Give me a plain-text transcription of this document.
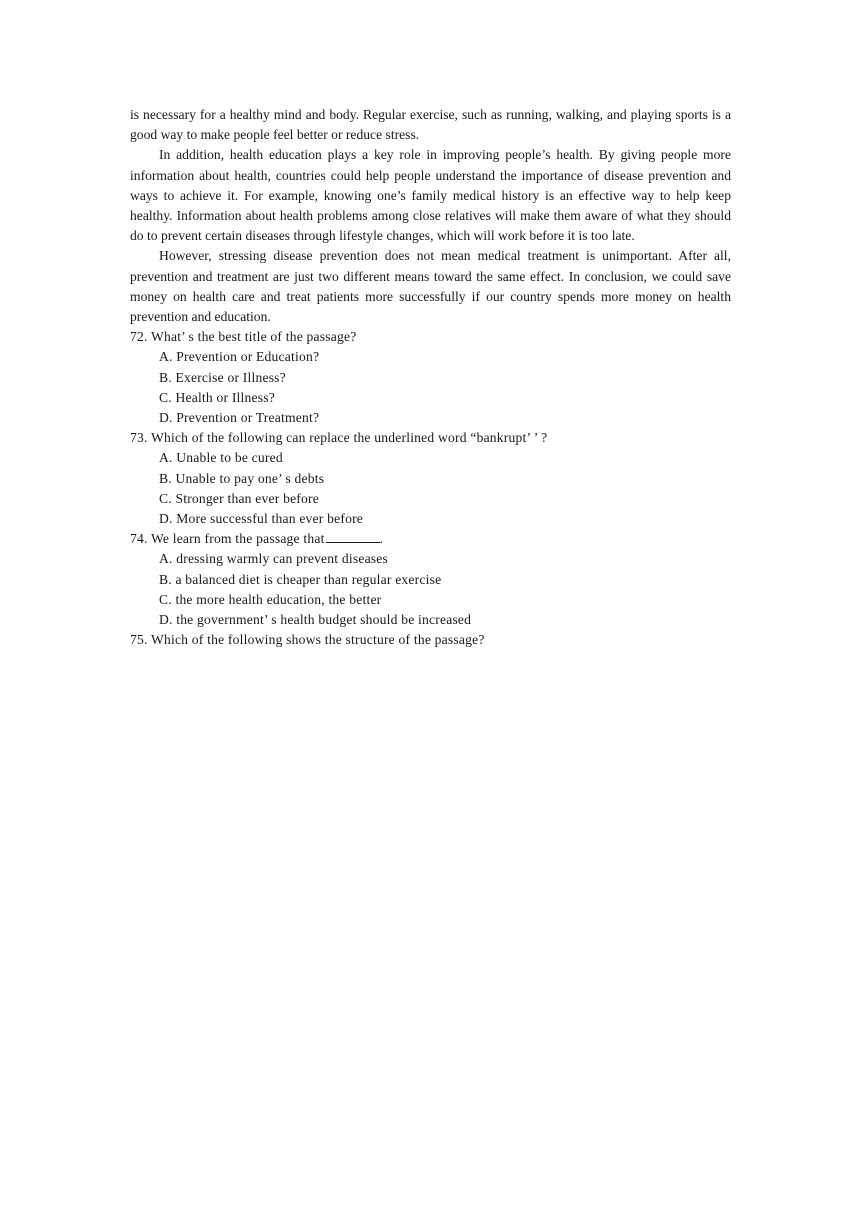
is necessary for a healthy mind and body. Regular exercise, such as running, walking, and playing sports is a good way to make people feel better or reduce stress.

In addition, health education plays a key role in improving people’s health. By giving people more information about health, countries could help people understand the importance of disease prevention and ways to achieve it. For example, knowing one’s family medical history is an effective way to help keep healthy. Information about health problems among close relatives will make them aware of what they should do to prevent certain diseases through lifestyle changes, which will work before it is too late.

However, stressing disease prevention does not mean medical treatment is unimportant. After all, prevention and treatment are just two different means toward the same effect. In conclusion, we could save money on health care and treat patients more successfully if our country spends more money on health prevention and education.

72. What’ s the best title of the passage?

A. Prevention or Education?
B. Exercise or Illness?
C. Health or Illness?
D. Prevention or Treatment?

73. Which of the following can replace the underlined word “bankrupt’ ’ ?

A. Unable to be cured
B. Unable to pay one’ s debts
C. Stronger than ever before
D. More successful than ever before

74. We learn from the passage that	.

A. dressing warmly can prevent diseases
B. a balanced diet is cheaper than regular exercise
C. the more health education, the better
D. the government’ s health budget should be increased

75. Which of the following shows the structure of the passage?
